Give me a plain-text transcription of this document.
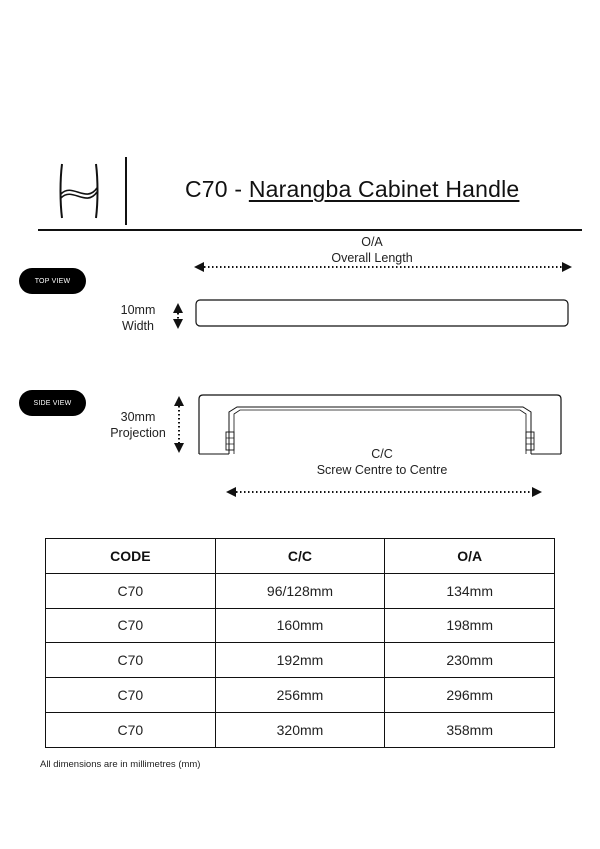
C70 - Narangba Cabinet Handle
TOP VIEW
O/A
Overall Length
10mm
Width
SIDE VIEW
30mm
Projection
C/C
Screw Centre to Centre
CODE	C/C	O/A
C70	96/128mm	134mm
C70	160mm	198mm
C70	192mm	230mm
C70	256mm	296mm
C70	320mm	358mm
All dimensions are in millimetres (mm)
